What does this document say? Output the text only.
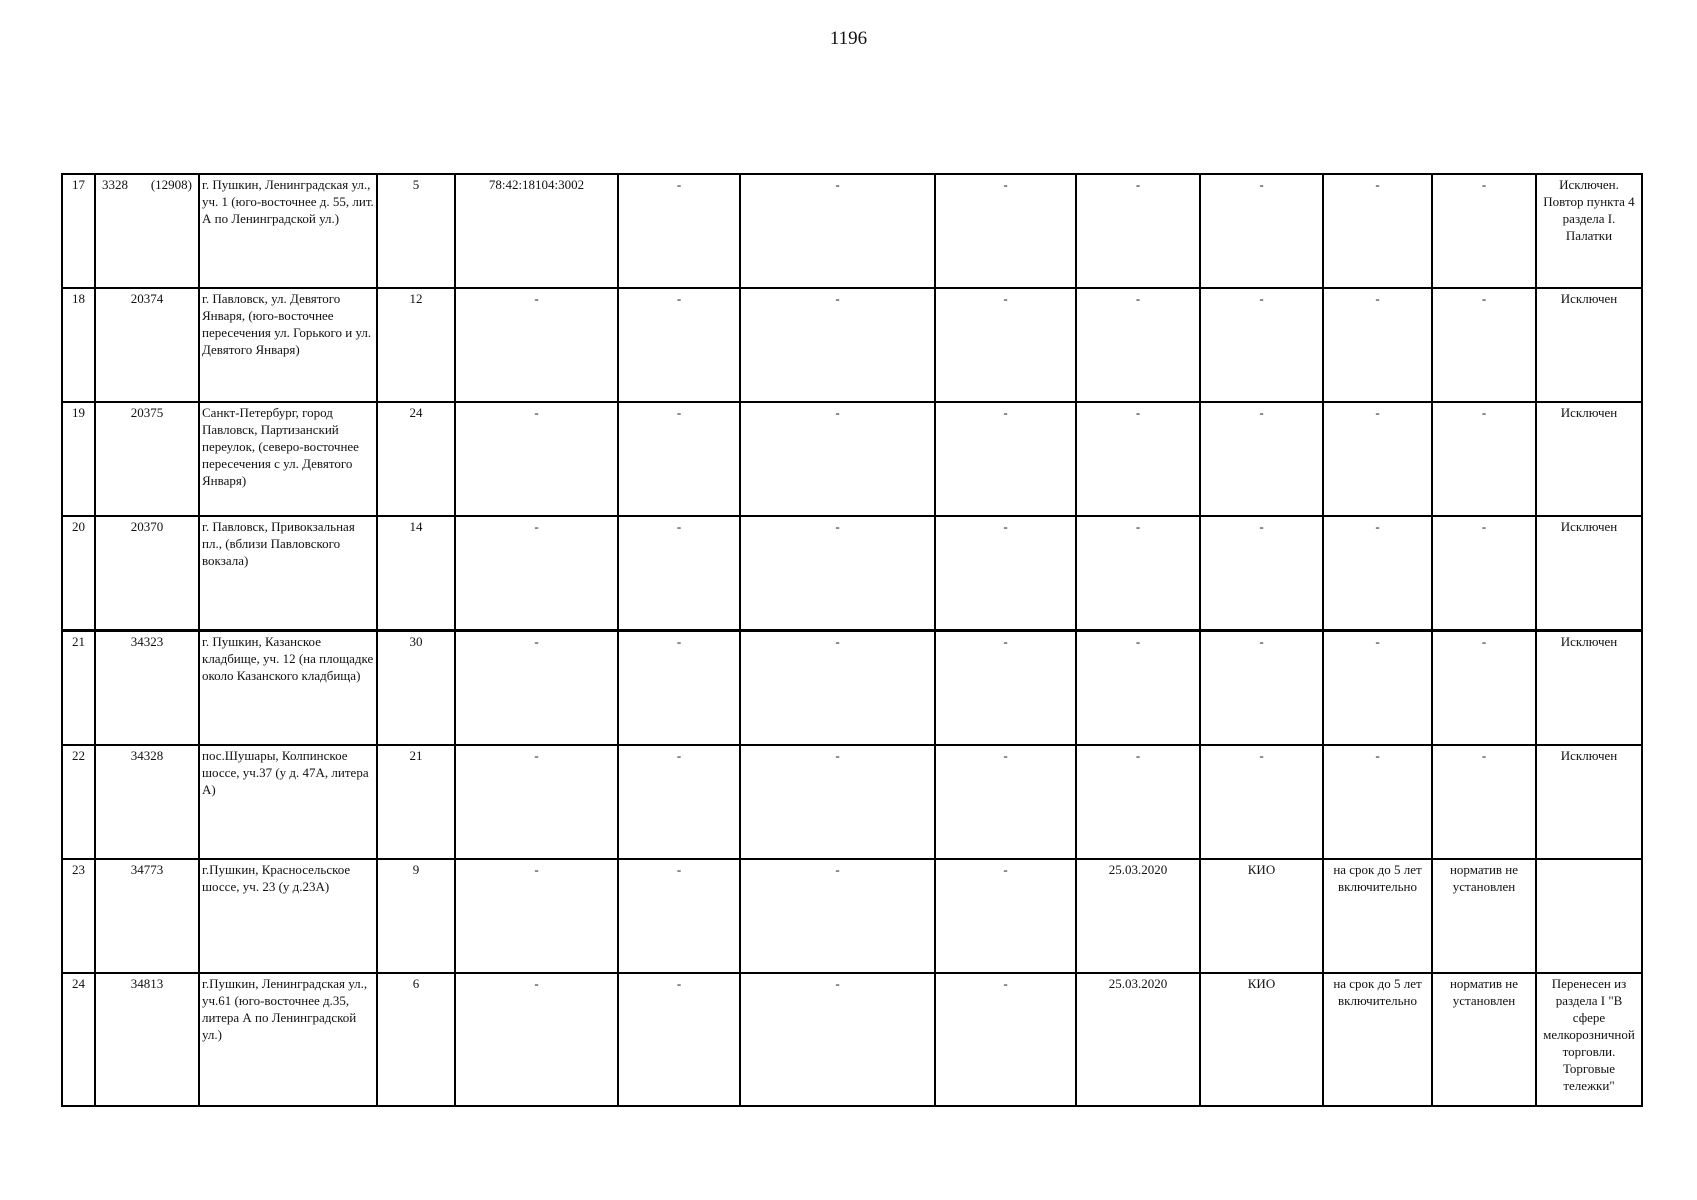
1196
17	3328 (12908)	г. Пушкин, Ленинградская ул., уч. 1 (юго-восточнее д. 55, лит. А по Ленинградской ул.)	5	78:42:18104:3002	-	-	-	-	-	-	-	Исключен. Повтор пункта 4 раздела I. Палатки
18	20374	г. Павловск, ул. Девятого Января, (юго-восточнее пересечения ул. Горького и ул. Девятого Января)	12	-	-	-	-	-	-	-	-	Исключен
19	20375	Санкт-Петербург, город Павловск, Партизанский переулок, (северо-восточнее пересечения с ул. Девятого Января)	24	-	-	-	-	-	-	-	-	Исключен
20	20370	г. Павловск, Привокзальная пл., (вблизи Павловского вокзала)	14	-	-	-	-	-	-	-	-	Исключен
21	34323	г. Пушкин, Казанское кладбище, уч. 12 (на площадке около Казанского кладбища)	30	-	-	-	-	-	-	-	-	Исключен
22	34328	пос.Шушары, Колпинское шоссе, уч.37 (у д. 47А, литера А)	21	-	-	-	-	-	-	-	-	Исключен
23	34773	г.Пушкин, Красносельское шоссе, уч. 23 (у д.23А)	9	-	-	-	-	25.03.2020	КИО	на срок до 5 лет включительно	норматив не установлен	
24	34813	г.Пушкин, Ленинградская ул., уч.61 (юго-восточнее д.35, литера А по Ленинградской ул.)	6	-	-	-	-	25.03.2020	КИО	на срок до 5 лет включительно	норматив не установлен	Перенесен из раздела I "В сфере мелкорозничной торговли. Торговые тележки"
